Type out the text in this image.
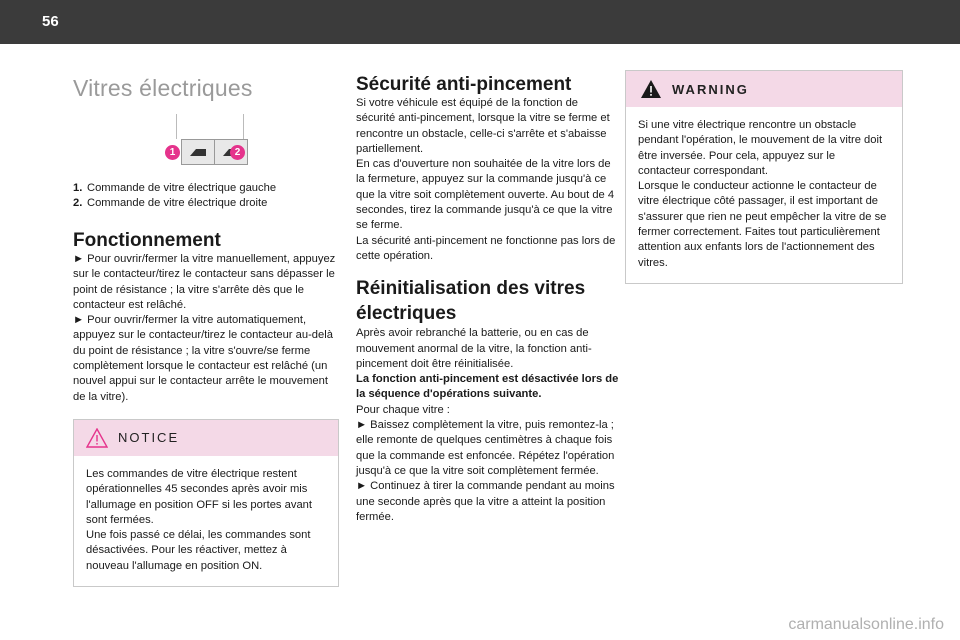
56
Vitres électriques
1	2
1. Commande de vitre électrique gauche
2. Commande de vitre électrique droite
Fonctionnement

► Pour ouvrir/fermer la vitre manuellement, appuyez sur le contacteur/tirez le contacteur sans dépasser le point de résistance ; la vitre s'arrête dès que le contacteur est relâché.

► Pour ouvrir/fermer la vitre automatiquement, appuyez sur le contacteur/tirez le contacteur au-delà du point de résistance ; la vitre s'ouvre/se ferme complètement lorsque le contacteur est relâché (un nouvel appui sur le contacteur arrête le mouvement de la vitre).

NOTICE

Les commandes de vitre électrique restent opérationnelles 45 secondes après avoir mis l'allumage en position OFF si les portes avant sont fermées.

Une fois passé ce délai, les commandes sont désactivées. Pour les réactiver, mettez à nouveau l'allumage en position ON.

Sécurité anti-pincement

Si votre véhicule est équipé de la fonction de sécurité anti-pincement, lorsque la vitre se ferme et rencontre un obstacle, celle-ci s'arrête et s'abaisse partiellement.

En cas d'ouverture non souhaitée de la vitre lors de la fermeture, appuyez sur la commande jusqu'à ce que la vitre soit complètement ouverte. Au bout de 4 secondes, tirez la commande jusqu'à ce que la vitre se ferme.

La sécurité anti-pincement ne fonctionne pas lors de cette opération.

Réinitialisation des vitres électriques

Après avoir rebranché la batterie, ou en cas de mouvement anormal de la vitre, la fonction anti-pincement doit être réinitialisée.

La fonction anti-pincement est désactivée lors de la séquence d'opérations suivante.

Pour chaque vitre :

► Baissez complètement la vitre, puis remontez-la ; elle remonte de quelques centimètres à chaque fois que la commande est enfoncée. Répétez l'opération jusqu'à ce que la vitre soit complètement fermée.

► Continuez à tirer la commande pendant au moins une seconde après que la vitre a atteint la position fermée.

WARNING

Si une vitre électrique rencontre un obstacle pendant l'opération, le mouvement de la vitre doit être inversée. Pour cela, appuyez sur le contacteur correspondant.

Lorsque le conducteur actionne le contacteur de vitre électrique côté passager, il est important de s'assurer que rien ne peut empêcher la vitre de se fermer correctement. Faites tout particulièrement attention aux enfants lors de l'actionnement des vitres.

carmanualsonline.info
